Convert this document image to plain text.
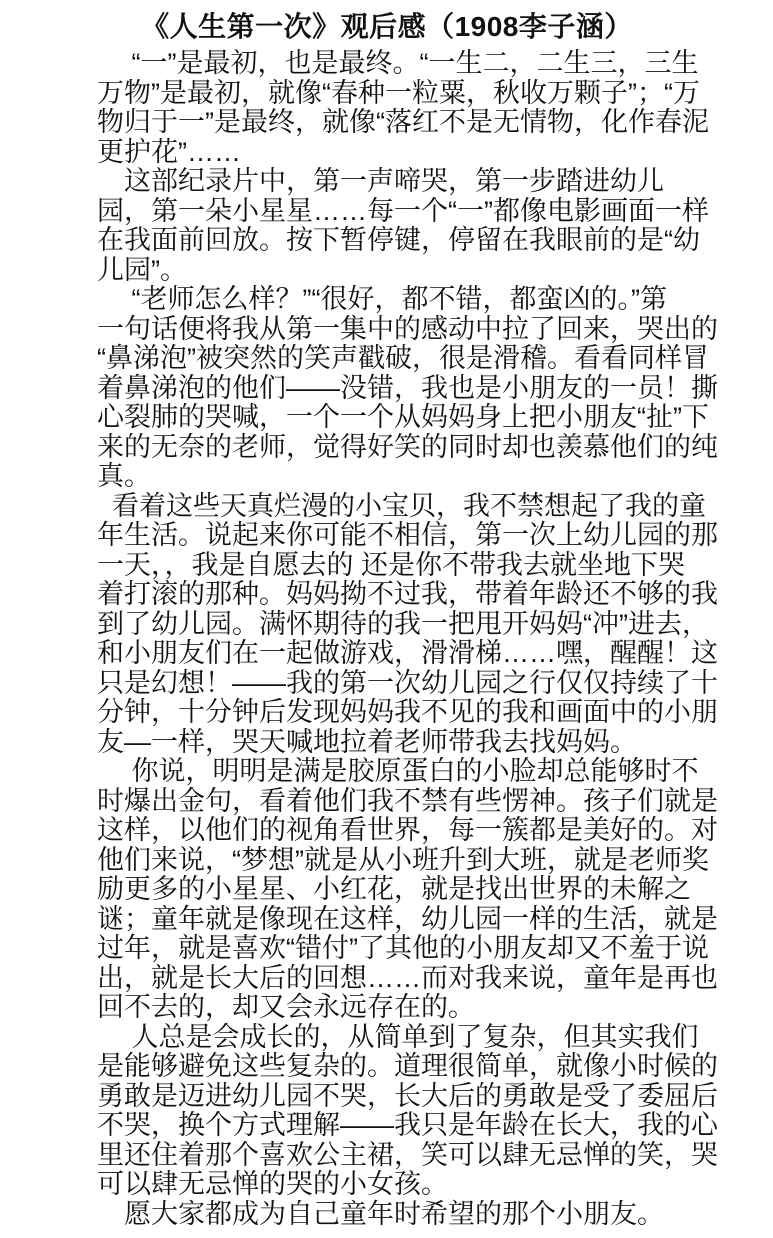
《人生第一次》观后感（1908李子涵）
　 “一”是最初，也是最终。“一生二，二生三，三生
万物”是最初，就像“春种一粒粟，秋收万颗子”；“万
物归于一”是最终，就像“落红不是无情物，化作春泥
更护花”……
　这部纪录片中，第一声啼哭，第一步踏进幼儿
园，第一朵小星星……每一个“一”都像电影画面一样
在我面前回放。按下暂停键，停留在我眼前的是“幼
儿园”。
　 “老师怎么样？”“很好，都不错，都蛮凶的。”第
一句话便将我从第一集中的感动中拉了回来，哭出的
“鼻涕泡”被突然的笑声戳破，很是滑稽。看看同样冒
着鼻涕泡的他们——没错，我也是小朋友的一员！撕
心裂肺的哭喊，一个一个从妈妈身上把小朋友“扯”下
来的无奈的老师，觉得好笑的同时却也羡慕他们的纯
真。
看着这些天真烂漫的小宝贝，我不禁想起了我的童
年生活。说起来你可能不相信，第一次上幼儿园的那
一天，，我是自愿去的 还是你不带我去就坐地下哭
着打滚的那种。妈妈拗不过我，带着年龄还不够的我
到了幼儿园。满怀期待的我一把甩开妈妈“冲”进去，
和小朋友们在一起做游戏，滑滑梯……嘿，醒醒！这
只是幻想！——我的第一次幼儿园之行仅仅持续了十
分钟，十分钟后发现妈妈我不见的我和画面中的小朋
友—一样，哭天喊地拉着老师带我去找妈妈。
　 你说，明明是满是胶原蛋白的小脸却总能够时不
时爆出金句，看着他们我不禁有些愣神。孩子们就是
这样，以他们的视角看世界，每一簇都是美好的。对
他们来说，“梦想”就是从小班升到大班，就是老师奖
励更多的小星星、小红花，就是找出世界的未解之
谜；童年就是像现在这样，幼儿园一样的生活，就是
过年，就是喜欢“错付”了其他的小朋友却又不羞于说
出，就是长大后的回想……而对我来说，童年是再也
回不去的，却又会永远存在的。
　 人总是会成长的，从简单到了复杂，但其实我们
是能够避免这些复杂的。道理很简单，就像小时候的
勇敢是迈进幼儿园不哭，长大后的勇敢是受了委屈后
不哭，换个方式理解——我只是年龄在长大，我的心
里还住着那个喜欢公主裙，笑可以肆无忌惮的笑，哭
可以肆无忌惮的哭的小女孩。
　愿大家都成为自己童年时希望的那个小朋友。
